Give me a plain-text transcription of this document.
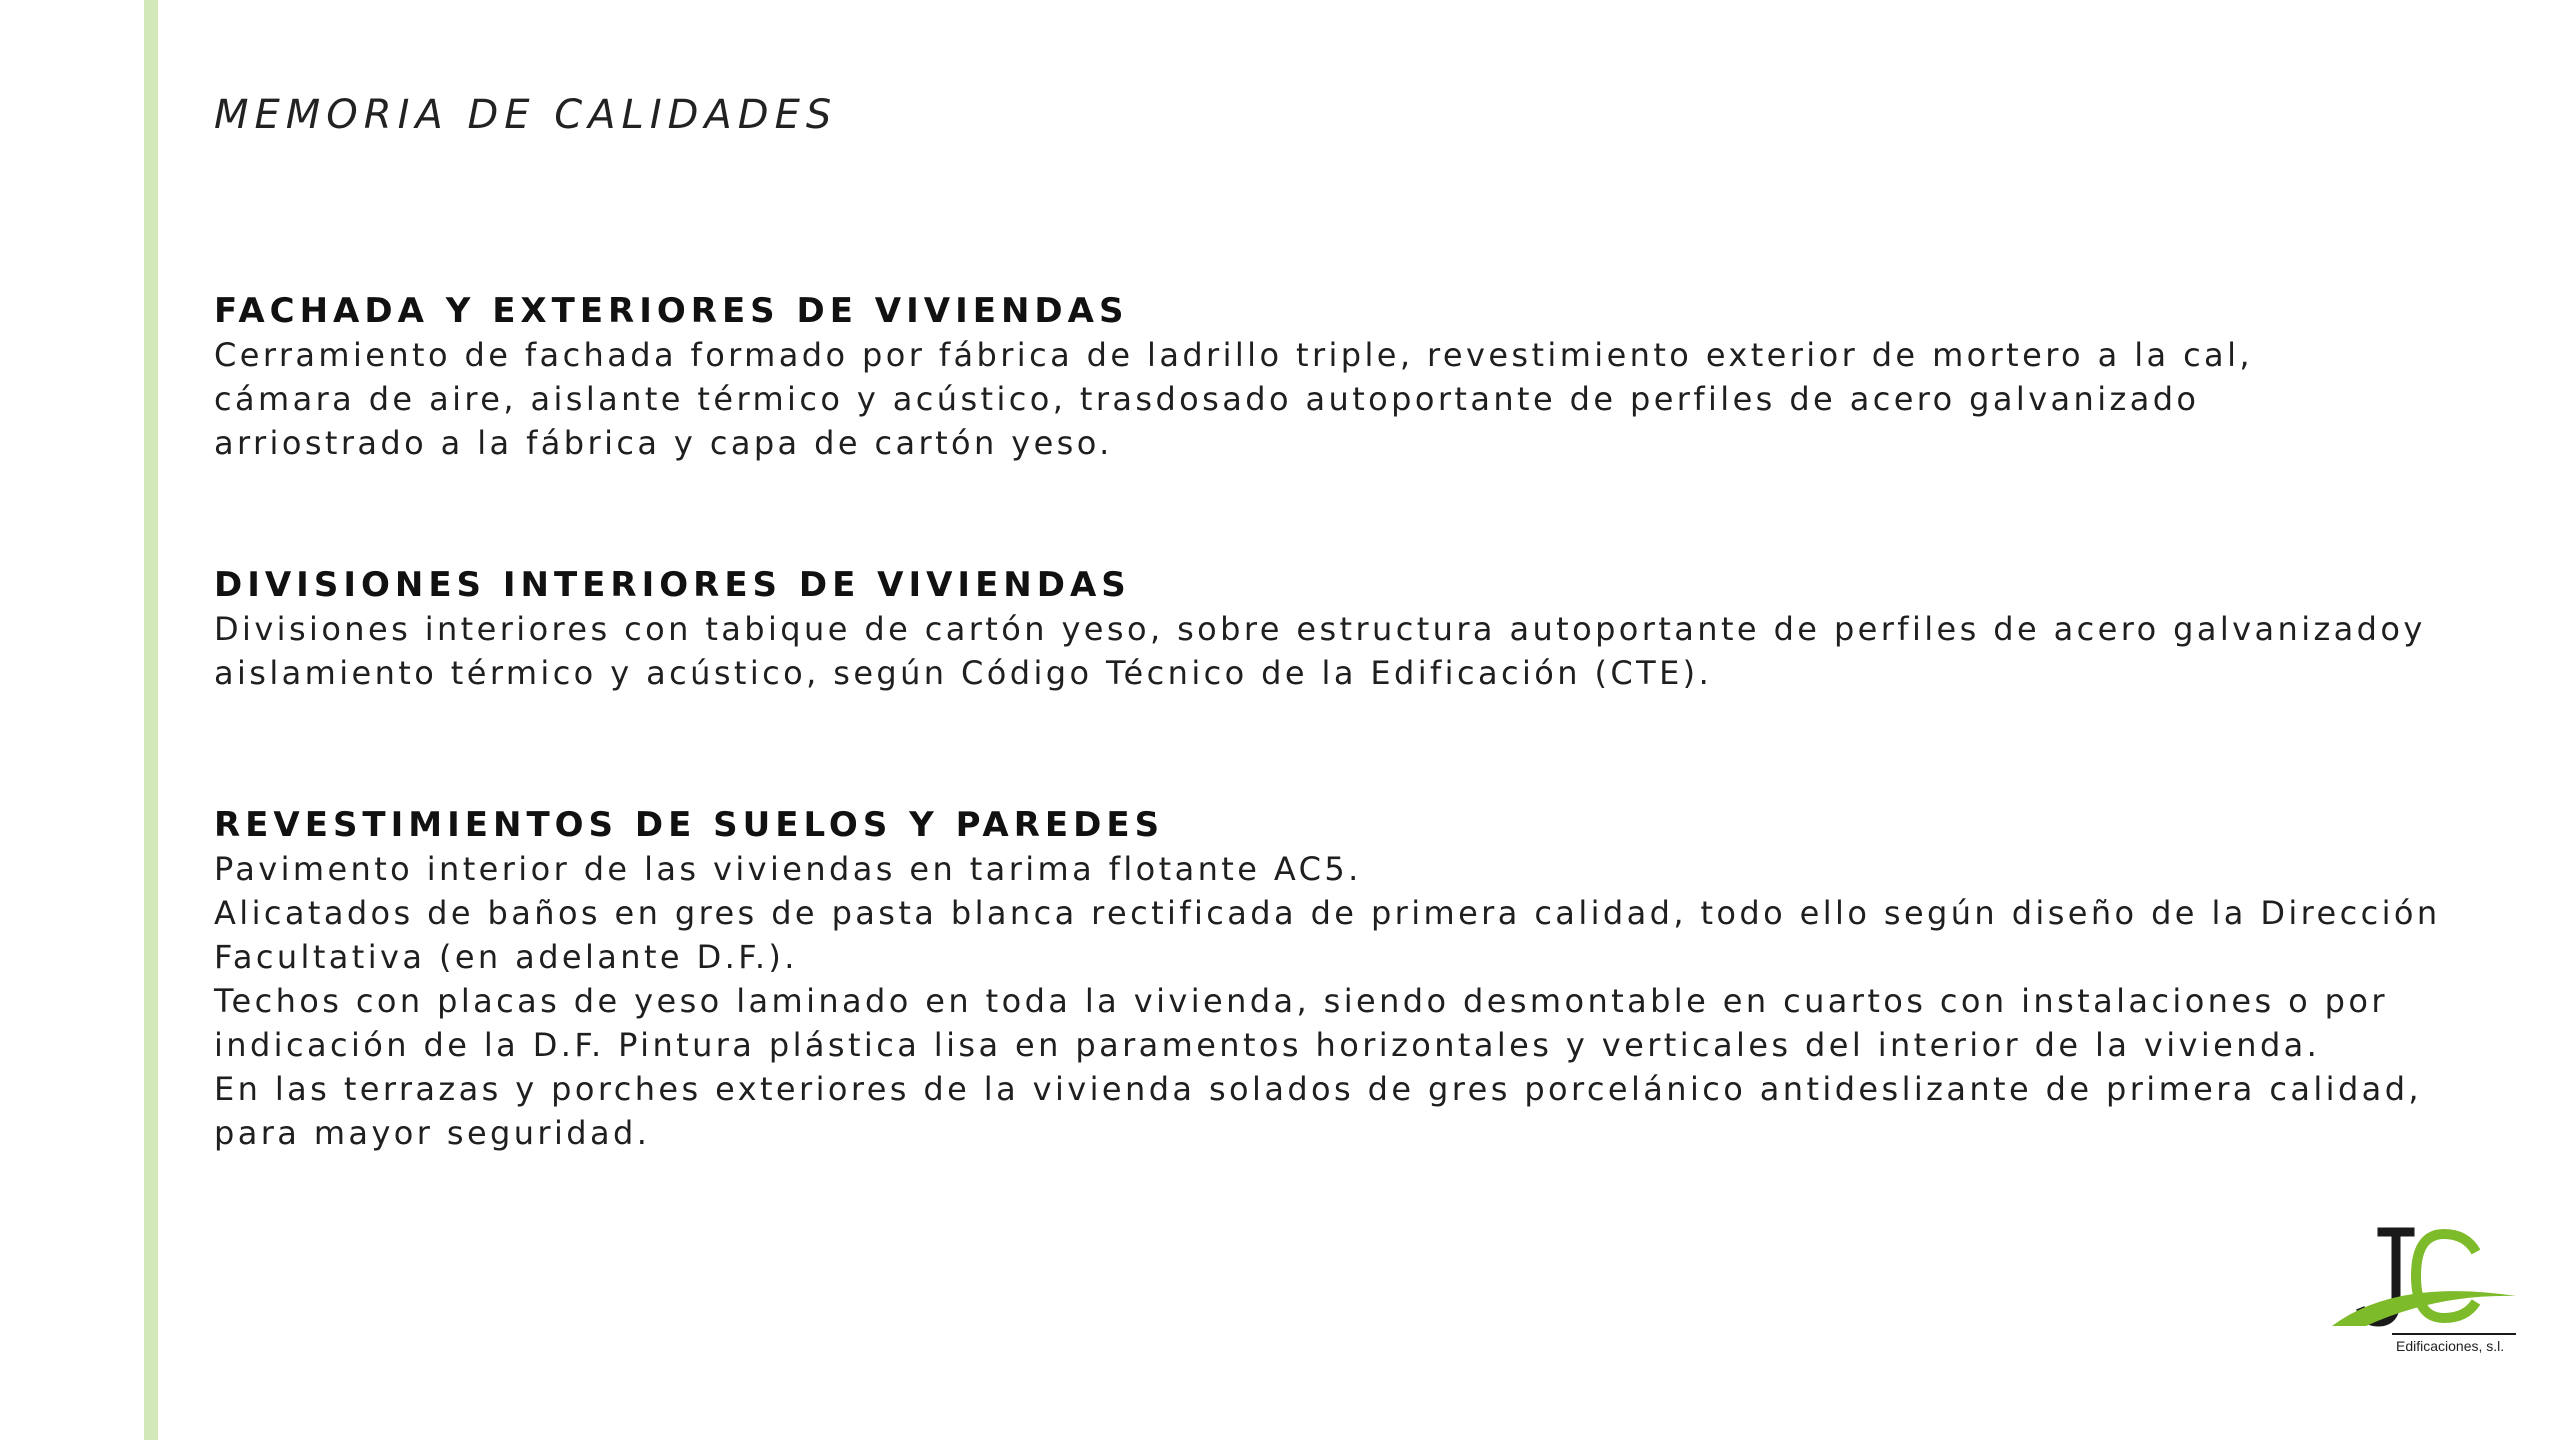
MEMORIA DE CALIDADES
FACHADA Y EXTERIORES DE VIVIENDAS

Cerramiento de fachada formado por fábrica de ladrillo triple, revestimiento exterior de mortero a la cal,

cámara de aire, aislante térmico y acústico, trasdosado autoportante de perfiles de acero galvanizado

arriostrado a la fábrica y capa de cartón yeso.

DIVISIONES INTERIORES DE VIVIENDAS

Divisiones interiores con tabique de cartón yeso, sobre estructura autoportante de perfiles de acero galvanizadoy

aislamiento térmico y acústico, según Código Técnico de la Edificación (CTE).

REVESTIMIENTOS DE SUELOS Y PAREDES

Pavimento interior de las viviendas en tarima flotante AC5.

Alicatados de baños en gres de pasta blanca rectificada de primera calidad, todo ello según diseño de la Dirección

Facultativa (en adelante D.F.).

Techos con placas de yeso laminado en toda la vivienda, siendo desmontable en cuartos con instalaciones o por

indicación de la D.F. Pintura plástica lisa en paramentos horizontales y verticales del interior de la vivienda.

En las terrazas y porches exteriores de la vivienda solados de gres porcelánico antideslizante de primera calidad,

para mayor seguridad.

Edificaciones, s.l.
